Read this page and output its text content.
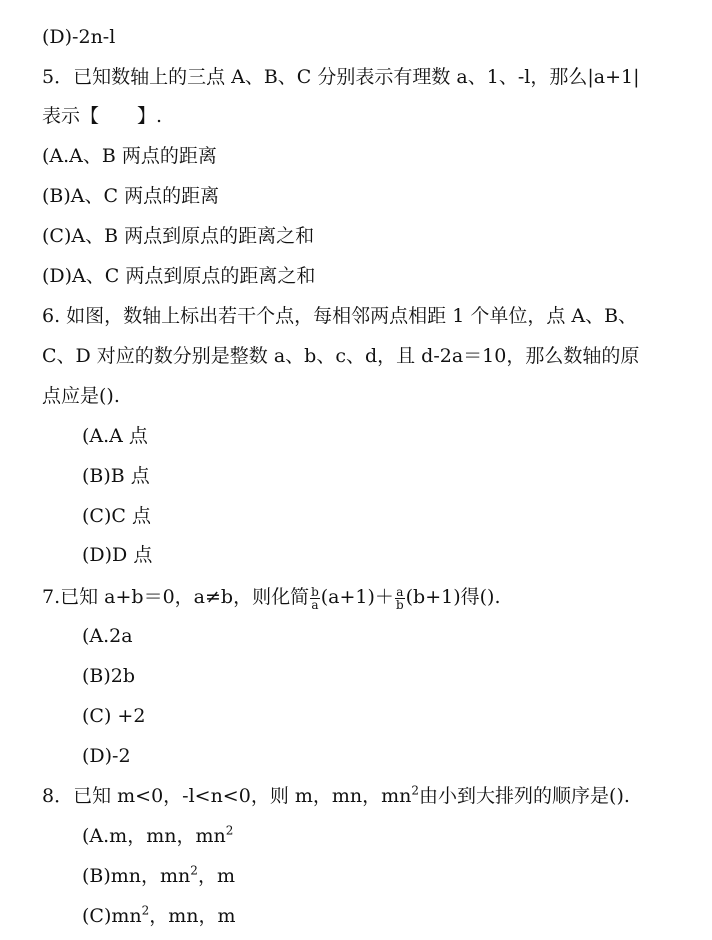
(D)-2n-l
5．已知数轴上的三点 A、B、C 分别表示有理数 a、1、-l，那么|a+1|
表示【　　】.
(A.A、B 两点的距离
(B)A、C 两点的距离
(C)A、B 两点到原点的距离之和
(D)A、C 两点到原点的距离之和
6. 如图，数轴上标出若干个点，每相邻两点相距 1 个单位，点 A、B、
C、D 对应的数分别是整数 a、b、c、d，且 d-2a＝10，那么数轴的原
点应是().
(A.A 点
(B)B 点
(C)C 点
(D)D 点
7.已知 a+b＝0，a≠b，则化简 $\frac{b}{a} (a+1)+ \frac{a}{b} (b+1)$得().
(A.2a
(B)2b
(C) +2
(D)-2
8．已知 m<0，-l<n<0，则 m，mn，$mn^2$由小到大排列的顺序是().
(A.m，mn，$mn^2$
(B)mn，$mn^2$，m
$(C)mn^2$，mn，m
